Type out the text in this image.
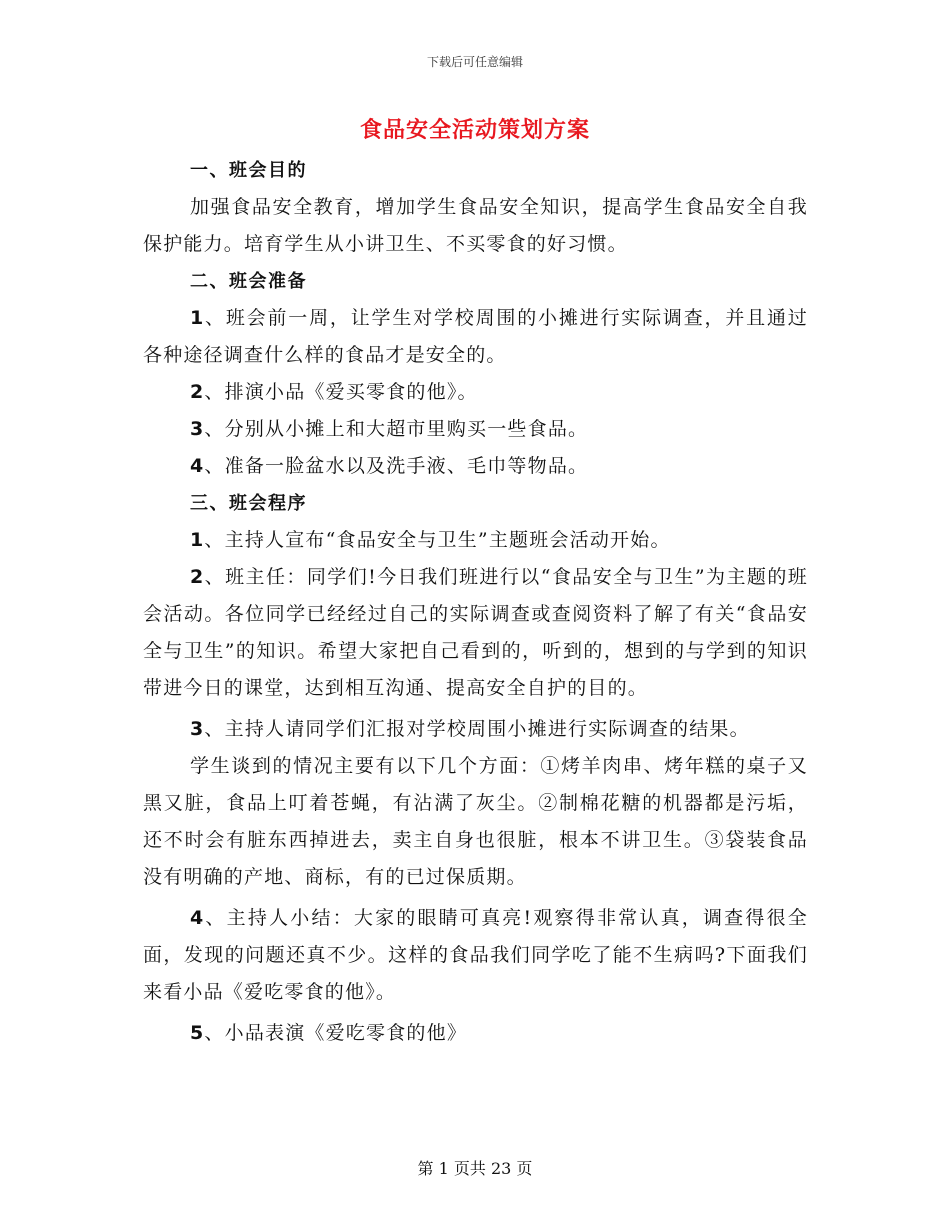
下载后可任意编辑
食品安全活动策划方案

一、班会目的

加强食品安全教育，增加学生食品安全知识，提高学生食品安全自我保护能力。培育学生从小讲卫生、不买零食的好习惯。

二、班会准备

1、班会前一周，让学生对学校周围的小摊进行实际调查，并且通过各种途径调查什么样的食品才是安全的。

2、排演小品《爱买零食的他》。

3、分别从小摊上和大超市里购买一些食品。

4、准备一脸盆水以及洗手液、毛巾等物品。

三、班会程序

1、主持人宣布“食品安全与卫生”主题班会活动开始。

2、班主任：同学们!今日我们班进行以“食品安全与卫生”为主题的班会活动。各位同学已经经过自己的实际调查或查阅资料了解了有关“食品安全与卫生”的知识。希望大家把自己看到的，听到的，想到的与学到的知识带进今日的课堂，达到相互沟通、提高安全自护的目的。

3、主持人请同学们汇报对学校周围小摊进行实际调查的结果。

学生谈到的情况主要有以下几个方面：①烤羊肉串、烤年糕的桌子又黑又脏，食品上叮着苍蝇，有沾满了灰尘。②制棉花糖的机器都是污垢，还不时会有脏东西掉进去，卖主自身也很脏，根本不讲卫生。③袋装食品没有明确的产地、商标，有的已过保质期。

4、主持人小结：大家的眼睛可真亮!观察得非常认真，调查得很全面，发现的问题还真不少。这样的食品我们同学吃了能不生病吗?下面我们来看小品《爱吃零食的他》。

5、小品表演《爱吃零食的他》

第 1 页共 23 页
